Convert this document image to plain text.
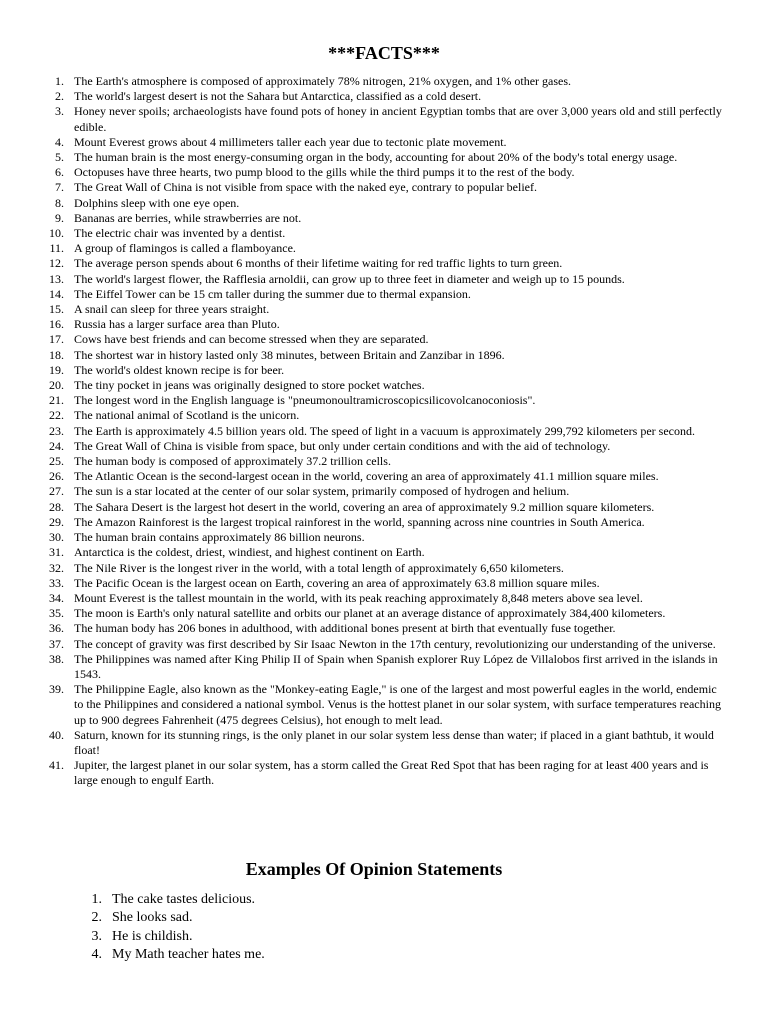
***FACTS***
1. The Earth's atmosphere is composed of approximately 78% nitrogen, 21% oxygen, and 1% other gases.
2. The world's largest desert is not the Sahara but Antarctica, classified as a cold desert.
3. Honey never spoils; archaeologists have found pots of honey in ancient Egyptian tombs that are over 3,000 years old and still perfectly edible.
4. Mount Everest grows about 4 millimeters taller each year due to tectonic plate movement.
5. The human brain is the most energy-consuming organ in the body, accounting for about 20% of the body's total energy usage.
6. Octopuses have three hearts, two pump blood to the gills while the third pumps it to the rest of the body.
7. The Great Wall of China is not visible from space with the naked eye, contrary to popular belief.
8. Dolphins sleep with one eye open.
9. Bananas are berries, while strawberries are not.
10. The electric chair was invented by a dentist.
11. A group of flamingos is called a flamboyance.
12. The average person spends about 6 months of their lifetime waiting for red traffic lights to turn green.
13. The world's largest flower, the Rafflesia arnoldii, can grow up to three feet in diameter and weigh up to 15 pounds.
14. The Eiffel Tower can be 15 cm taller during the summer due to thermal expansion.
15. A snail can sleep for three years straight.
16. Russia has a larger surface area than Pluto.
17. Cows have best friends and can become stressed when they are separated.
18. The shortest war in history lasted only 38 minutes, between Britain and Zanzibar in 1896.
19. The world's oldest known recipe is for beer.
20. The tiny pocket in jeans was originally designed to store pocket watches.
21. The longest word in the English language is "pneumonoultramicroscopicsilicovolcanoconiosis".
22. The national animal of Scotland is the unicorn.
23. The Earth is approximately 4.5 billion years old. The speed of light in a vacuum is approximately 299,792 kilometers per second.
24. The Great Wall of China is visible from space, but only under certain conditions and with the aid of technology.
25. The human body is composed of approximately 37.2 trillion cells.
26. The Atlantic Ocean is the second-largest ocean in the world, covering an area of approximately 41.1 million square miles.
27. The sun is a star located at the center of our solar system, primarily composed of hydrogen and helium.
28. The Sahara Desert is the largest hot desert in the world, covering an area of approximately 9.2 million square kilometers.
29. The Amazon Rainforest is the largest tropical rainforest in the world, spanning across nine countries in South America.
30. The human brain contains approximately 86 billion neurons.
31. Antarctica is the coldest, driest, windiest, and highest continent on Earth.
32. The Nile River is the longest river in the world, with a total length of approximately 6,650 kilometers.
33. The Pacific Ocean is the largest ocean on Earth, covering an area of approximately 63.8 million square miles.
34. Mount Everest is the tallest mountain in the world, with its peak reaching approximately 8,848 meters above sea level.
35. The moon is Earth's only natural satellite and orbits our planet at an average distance of approximately 384,400 kilometers.
36. The human body has 206 bones in adulthood, with additional bones present at birth that eventually fuse together.
37. The concept of gravity was first described by Sir Isaac Newton in the 17th century, revolutionizing our understanding of the universe.
38. The Philippines was named after King Philip II of Spain when Spanish explorer Ruy López de Villalobos first arrived in the islands in 1543.
39. The Philippine Eagle, also known as the "Monkey-eating Eagle," is one of the largest and most powerful eagles in the world, endemic to the Philippines and considered a national symbol. Venus is the hottest planet in our solar system, with surface temperatures reaching up to 900 degrees Fahrenheit (475 degrees Celsius), hot enough to melt lead.
40. Saturn, known for its stunning rings, is the only planet in our solar system less dense than water; if placed in a giant bathtub, it would float!
41. Jupiter, the largest planet in our solar system, has a storm called the Great Red Spot that has been raging for at least 400 years and is large enough to engulf Earth.
Examples Of Opinion Statements
1. The cake tastes delicious.
2. She looks sad.
3. He is childish.
4. My Math teacher hates me.
